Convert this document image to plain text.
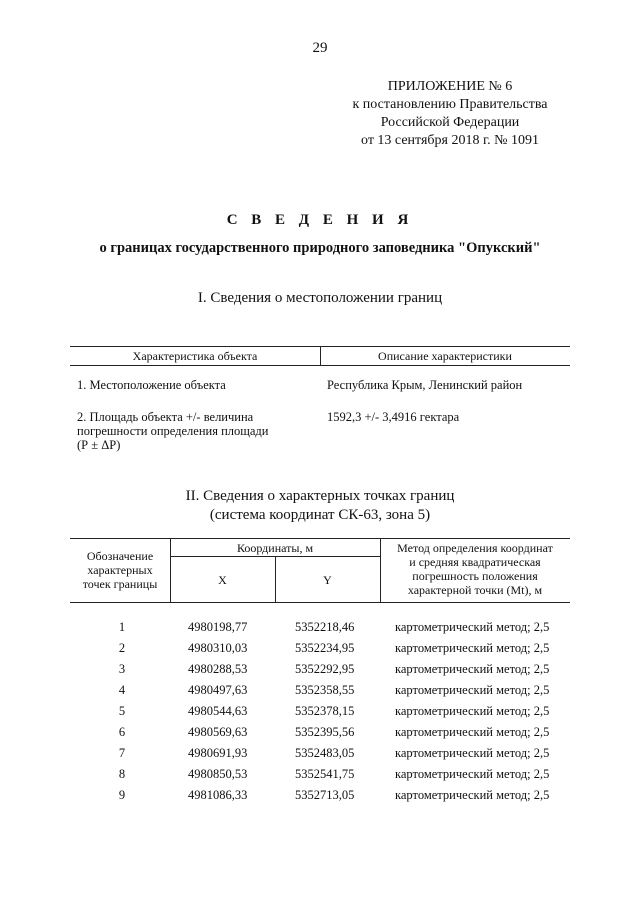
29
ПРИЛОЖЕНИЕ № 6
к постановлению Правительства
Российской Федерации
от 13 сентября 2018 г. № 1091
С В Е Д Е Н И Я
о границах государственного природного заповедника "Опукский"
I. Сведения о местоположении границ
Характеристика объекта	Описание характеристики
1. Местоположение объекта	Республика Крым, Ленинский район
2. Площадь объекта +/- величина
погрешности определения площади
(Р ± ΔР)
1592,3 +/- 3,4916 гектара
II. Сведения о характерных точках границ
(система координат СК-63, зона 5)
Обозначение
характерных
точек границы
Координаты, м
X	Y
Метод определения координат
и средняя квадратическая
погрешность положения
характерной точки (Mt), м
1	4980198,77	5352218,46	картометрический метод; 2,5
2	4980310,03	5352234,95	картометрический метод; 2,5
3	4980288,53	5352292,95	картометрический метод; 2,5
4	4980497,63	5352358,55	картометрический метод; 2,5
5	4980544,63	5352378,15	картометрический метод; 2,5
6	4980569,63	5352395,56	картометрический метод; 2,5
7	4980691,93	5352483,05	картометрический метод; 2,5
8	4980850,53	5352541,75	картометрический метод; 2,5
9	4981086,33	5352713,05	картометрический метод; 2,5
